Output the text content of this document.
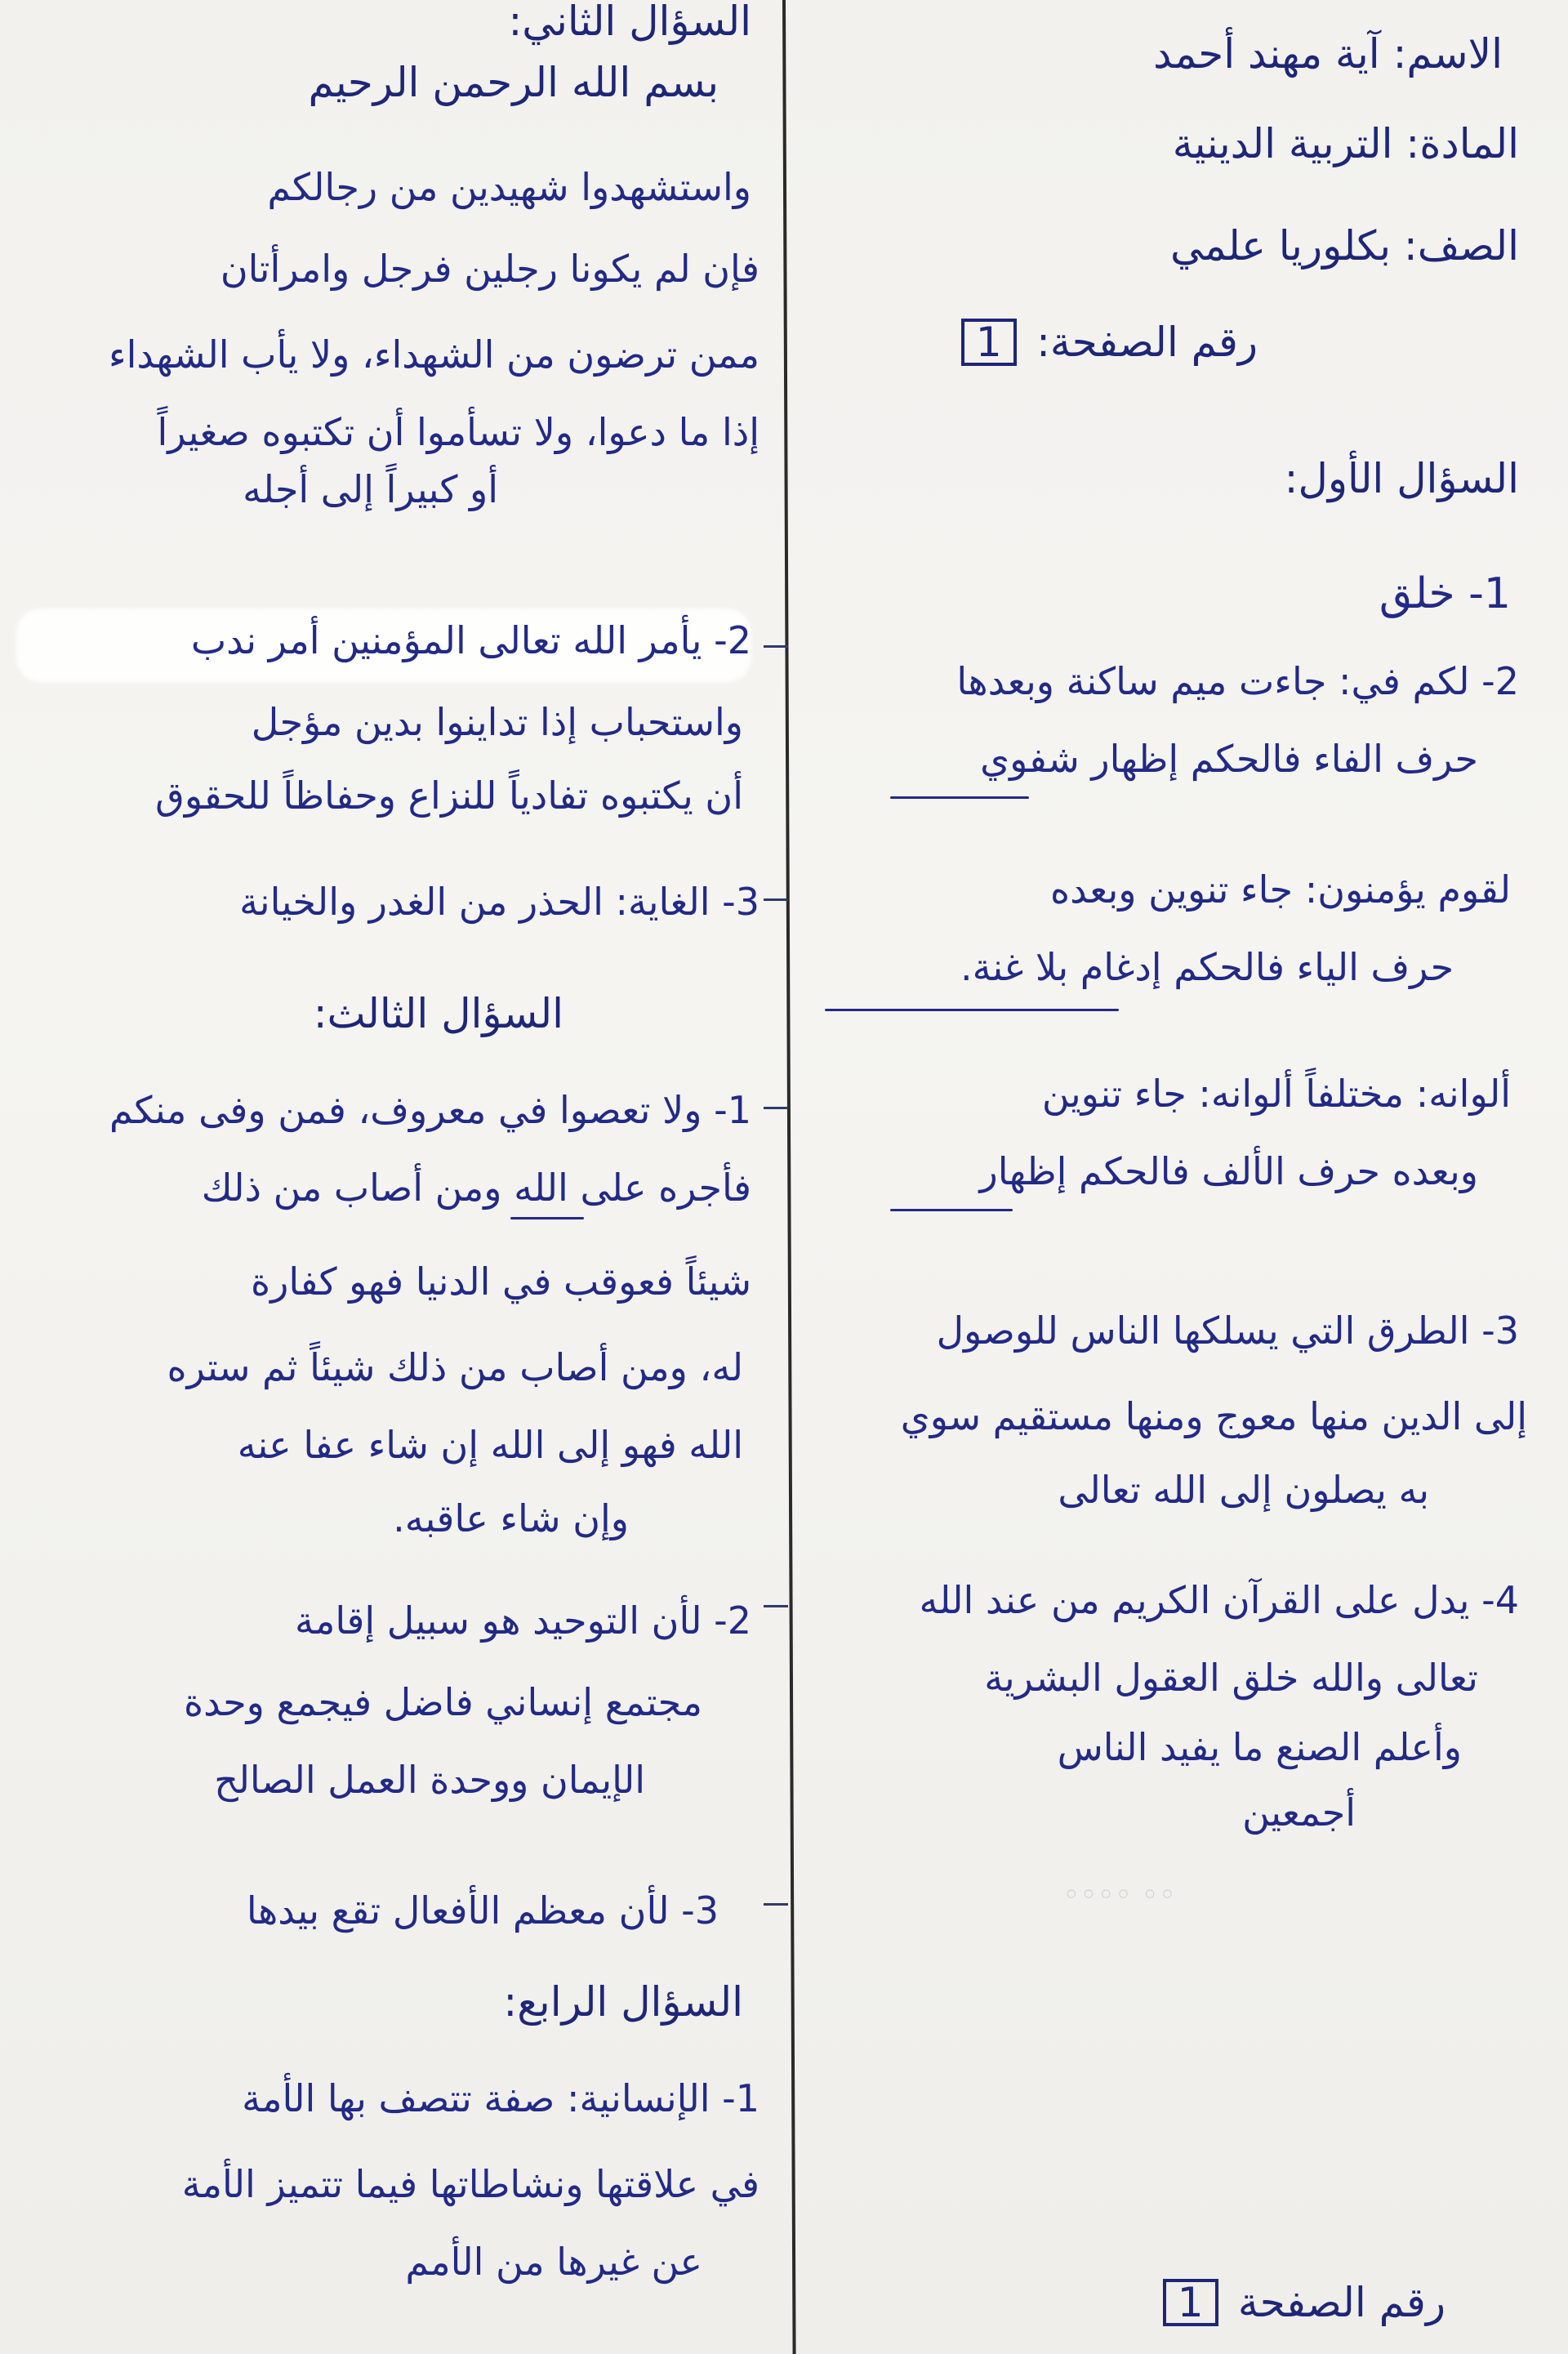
الاسم: آية مهند أحمد
المادة: التربية الدينية
الصف: بكلوريا علمي
رقم الصفحة: 1
السؤال الأول:
1- خلق
2- لكم في: جاءت ميم ساكنة وبعدها
حرف الفاء فالحكم إظهار شفوي
لقوم يؤمنون: جاء تنوين وبعده
حرف الياء فالحكم إدغام بلا غنة.
ألوانه: مختلفاً ألوانه: جاء تنوين
وبعده حرف الألف فالحكم إظهار
3- الطرق التي يسلكها الناس للوصول
إلى الدين منها معوج ومنها مستقيم سوي
به يصلون إلى الله تعالى
4- يدل على القرآن الكريم من عند الله
تعالى والله خلق العقول البشرية
وأعلم الصنع ما يفيد الناس
أجمعين
◦◦ ◦◦◦◦
رقم الصفحة 1
السؤال الثاني:
بسم الله الرحمن الرحيم
واستشهدوا شهيدين من رجالكم
فإن لم يكونا رجلين فرجل وامرأتان
ممن ترضون من الشهداء، ولا يأب الشهداء
إذا ما دعوا، ولا تسأموا أن تكتبوه صغيراً
أو كبيراً إلى أجله
2- يأمر الله تعالى المؤمنين أمر ندب
واستحباب إذا تداينوا بدين مؤجل
أن يكتبوه تفادياً للنزاع وحفاظاً للحقوق
3- الغاية: الحذر من الغدر والخيانة
السؤال الثالث:
1- ولا تعصوا في معروف، فمن وفى منكم
فأجره على الله ومن أصاب من ذلك
شيئاً فعوقب في الدنيا فهو كفارة
له، ومن أصاب من ذلك شيئاً ثم ستره
الله فهو إلى الله إن شاء عفا عنه
وإن شاء عاقبه.
2- لأن التوحيد هو سبيل إقامة
مجتمع إنساني فاضل فيجمع وحدة
الإيمان ووحدة العمل الصالح
3- لأن معظم الأفعال تقع بيدها
السؤال الرابع:
1- الإنسانية: صفة تتصف بها الأمة
في علاقتها ونشاطاتها فيما تتميز الأمة
عن غيرها من الأمم
